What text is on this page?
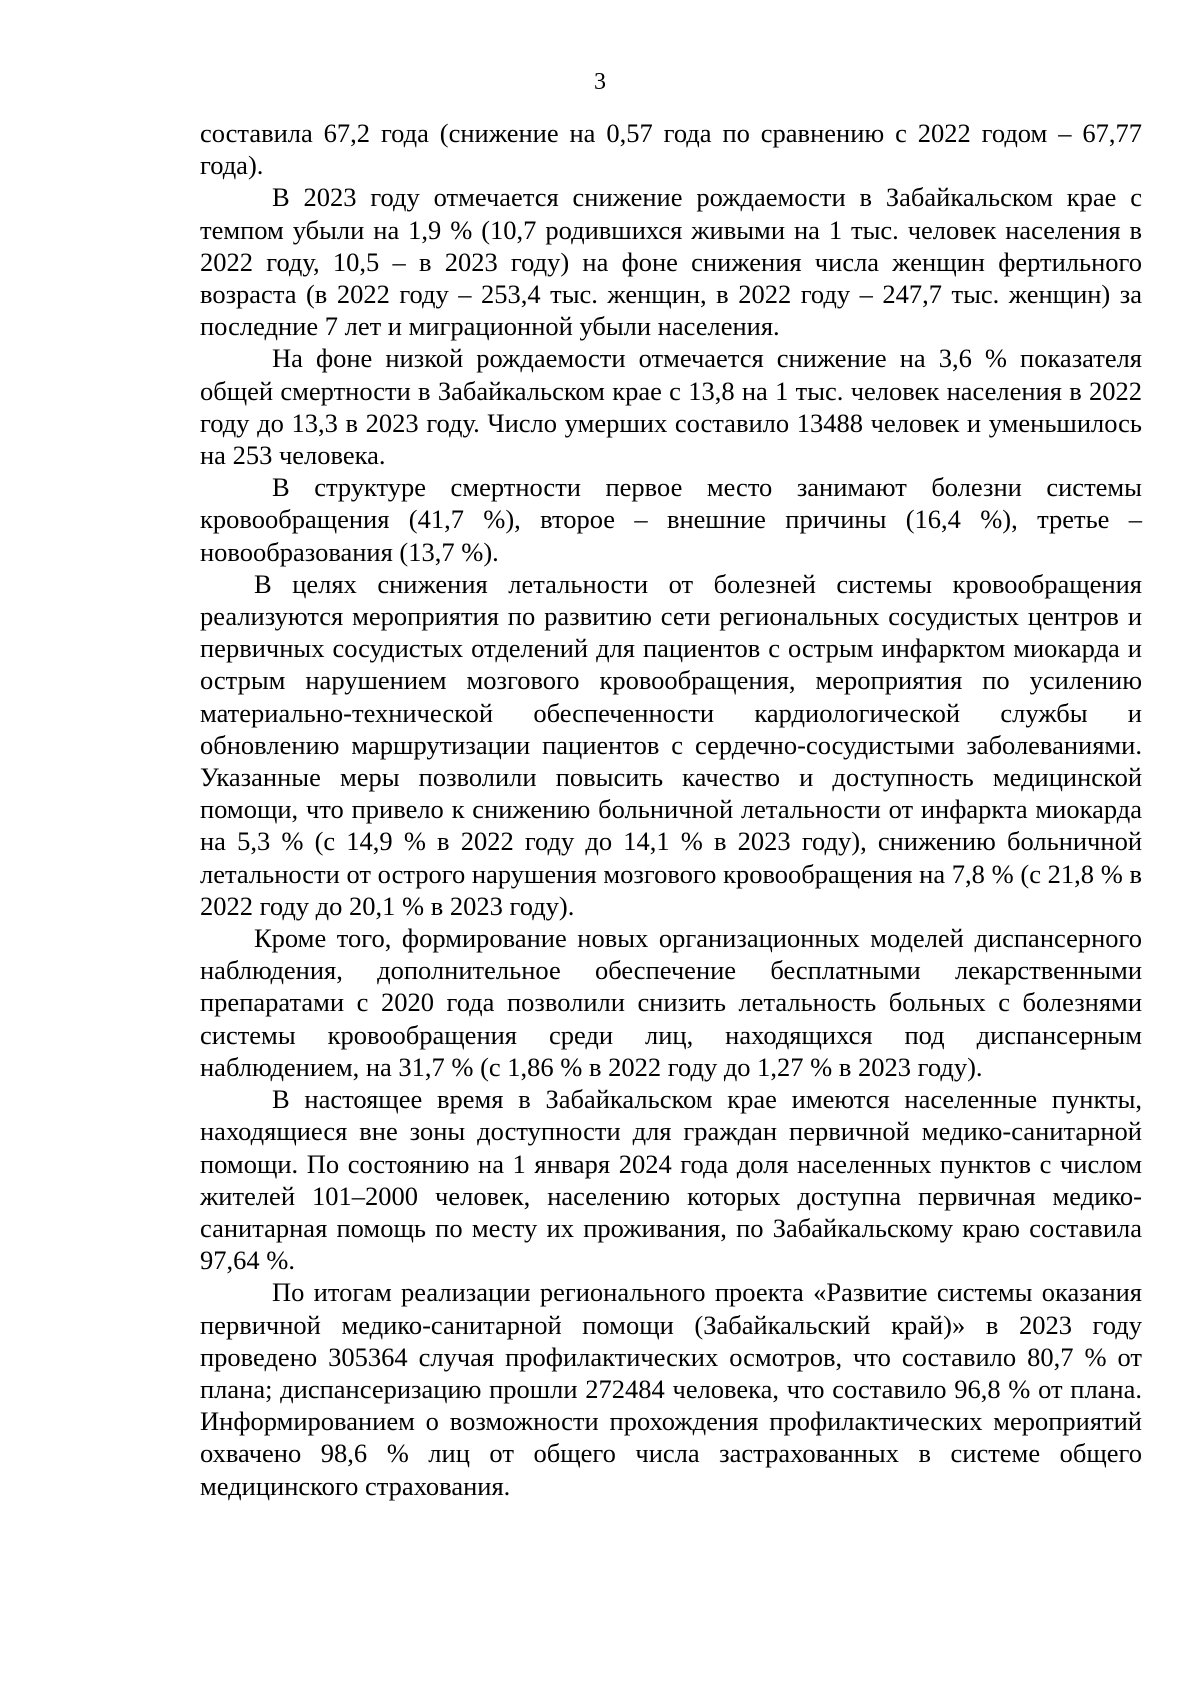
3

составила 67,2 года (снижение на 0,57 года по сравнению с 2022 годом – 67,77 года).

В 2023 году отмечается снижение рождаемости в Забайкальском крае с темпом убыли на 1,9 % (10,7 родившихся живыми на 1 тыс. человек населения в 2022 году, 10,5 – в 2023 году) на фоне снижения числа женщин фертильного возраста (в 2022 году – 253,4 тыс. женщин, в 2022 году – 247,7 тыс. женщин) за последние 7 лет и миграционной убыли населения.

На фоне низкой рождаемости отмечается снижение на 3,6 % показателя общей смертности в Забайкальском крае с 13,8 на 1 тыс. человек населения в 2022 году до 13,3 в 2023 году. Число умерших составило 13488 человек и уменьшилось на 253 человека.

В структуре смертности первое место занимают болезни системы кровообращения (41,7 %), второе – внешние причины (16,4 %), третье – новообразования (13,7 %).

В целях снижения летальности от болезней системы кровообращения реализуются мероприятия по развитию сети региональных сосудистых центров и первичных сосудистых отделений для пациентов с острым инфарктом миокарда и острым нарушением мозгового кровообращения, мероприятия по усилению материально-технической обеспеченности кардиологической службы и обновлению маршрутизации пациентов с сердечно-сосудистыми заболеваниями. Указанные меры позволили повысить качество и доступность медицинской помощи, что привело к снижению больничной летальности от инфаркта миокарда на 5,3 % (с 14,9 % в 2022 году до 14,1 % в 2023 году), снижению больничной летальности от острого нарушения мозгового кровообращения на 7,8 % (с 21,8 % в 2022 году до 20,1 % в 2023 году).

Кроме того, формирование новых организационных моделей диспансерного наблюдения, дополнительное обеспечение бесплатными лекарственными препаратами с 2020 года позволили снизить летальность больных с болезнями системы кровообращения среди лиц, находящихся под диспансерным наблюдением, на 31,7 % (с 1,86 % в 2022 году до 1,27 % в 2023 году).

В настоящее время в Забайкальском крае имеются населенные пункты, находящиеся вне зоны доступности для граждан первичной медико-санитарной помощи. По состоянию на 1 января 2024 года доля населенных пунктов с числом жителей 101–2000 человек, населению которых доступна первичная медико-санитарная помощь по месту их проживания, по Забайкальскому краю составила 97,64 %.

По итогам реализации регионального проекта «Развитие системы оказания первичной медико-санитарной помощи (Забайкальский край)» в 2023 году проведено 305364 случая профилактических осмотров, что составило 80,7 % от плана; диспансеризацию прошли 272484 человека, что составило 96,8 % от плана. Информированием о возможности прохождения профилактических мероприятий охвачено 98,6 % лиц от общего числа застрахованных в системе общего медицинского страхования.
